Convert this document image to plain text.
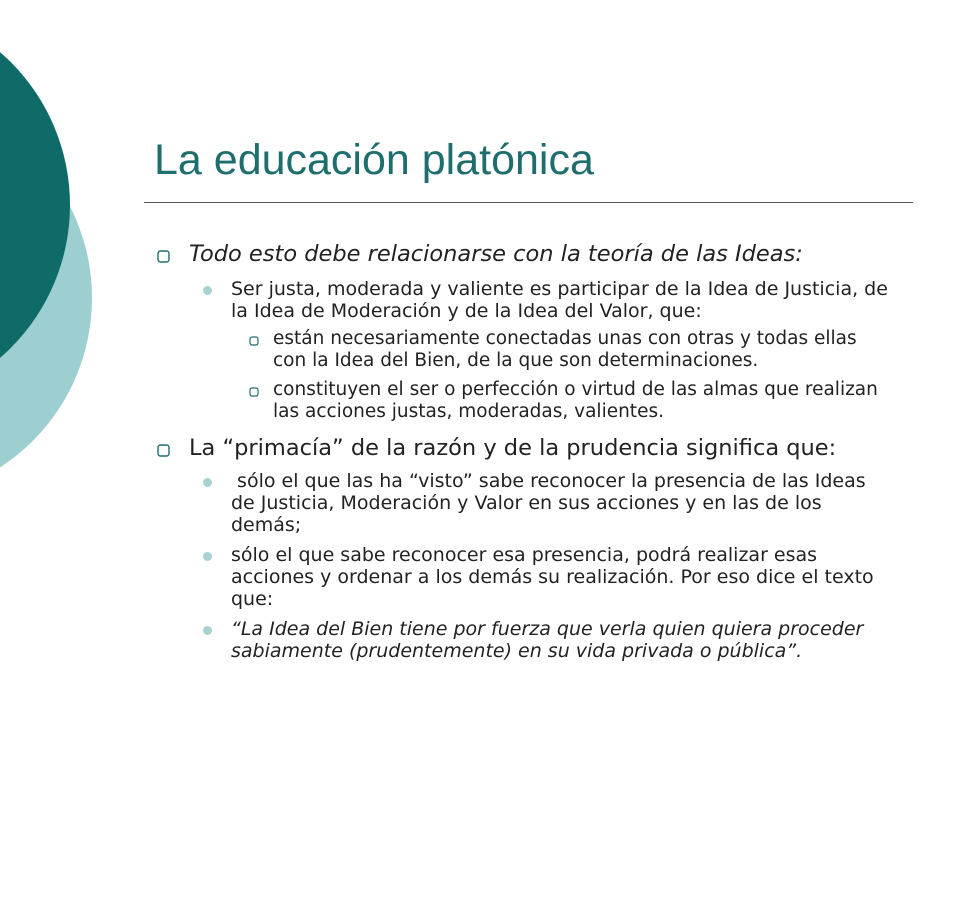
La educación platónica
Todo esto debe relacionarse con la teoría de las Ideas:
Ser justa, moderada y valiente es participar de la Idea de Justicia, de la Idea de Moderación y de la Idea del Valor, que:
están necesariamente conectadas unas con otras y todas ellas con la Idea del Bien, de la que son determinaciones.
constituyen el ser o perfección o virtud de las almas que realizan las acciones justas, moderadas, valientes.
La “primacía” de la razón y de la prudencia significa que:
sólo el que las ha “visto” sabe reconocer la presencia de las Ideas de Justicia, Moderación y Valor en sus acciones y en las de los demás;
sólo el que sabe reconocer esa presencia, podrá realizar esas acciones y ordenar a los demás su realización. Por eso dice el texto que:
“La Idea del Bien tiene por fuerza que verla quien quiera proceder sabiamente (prudentemente) en su vida privada o pública”.
